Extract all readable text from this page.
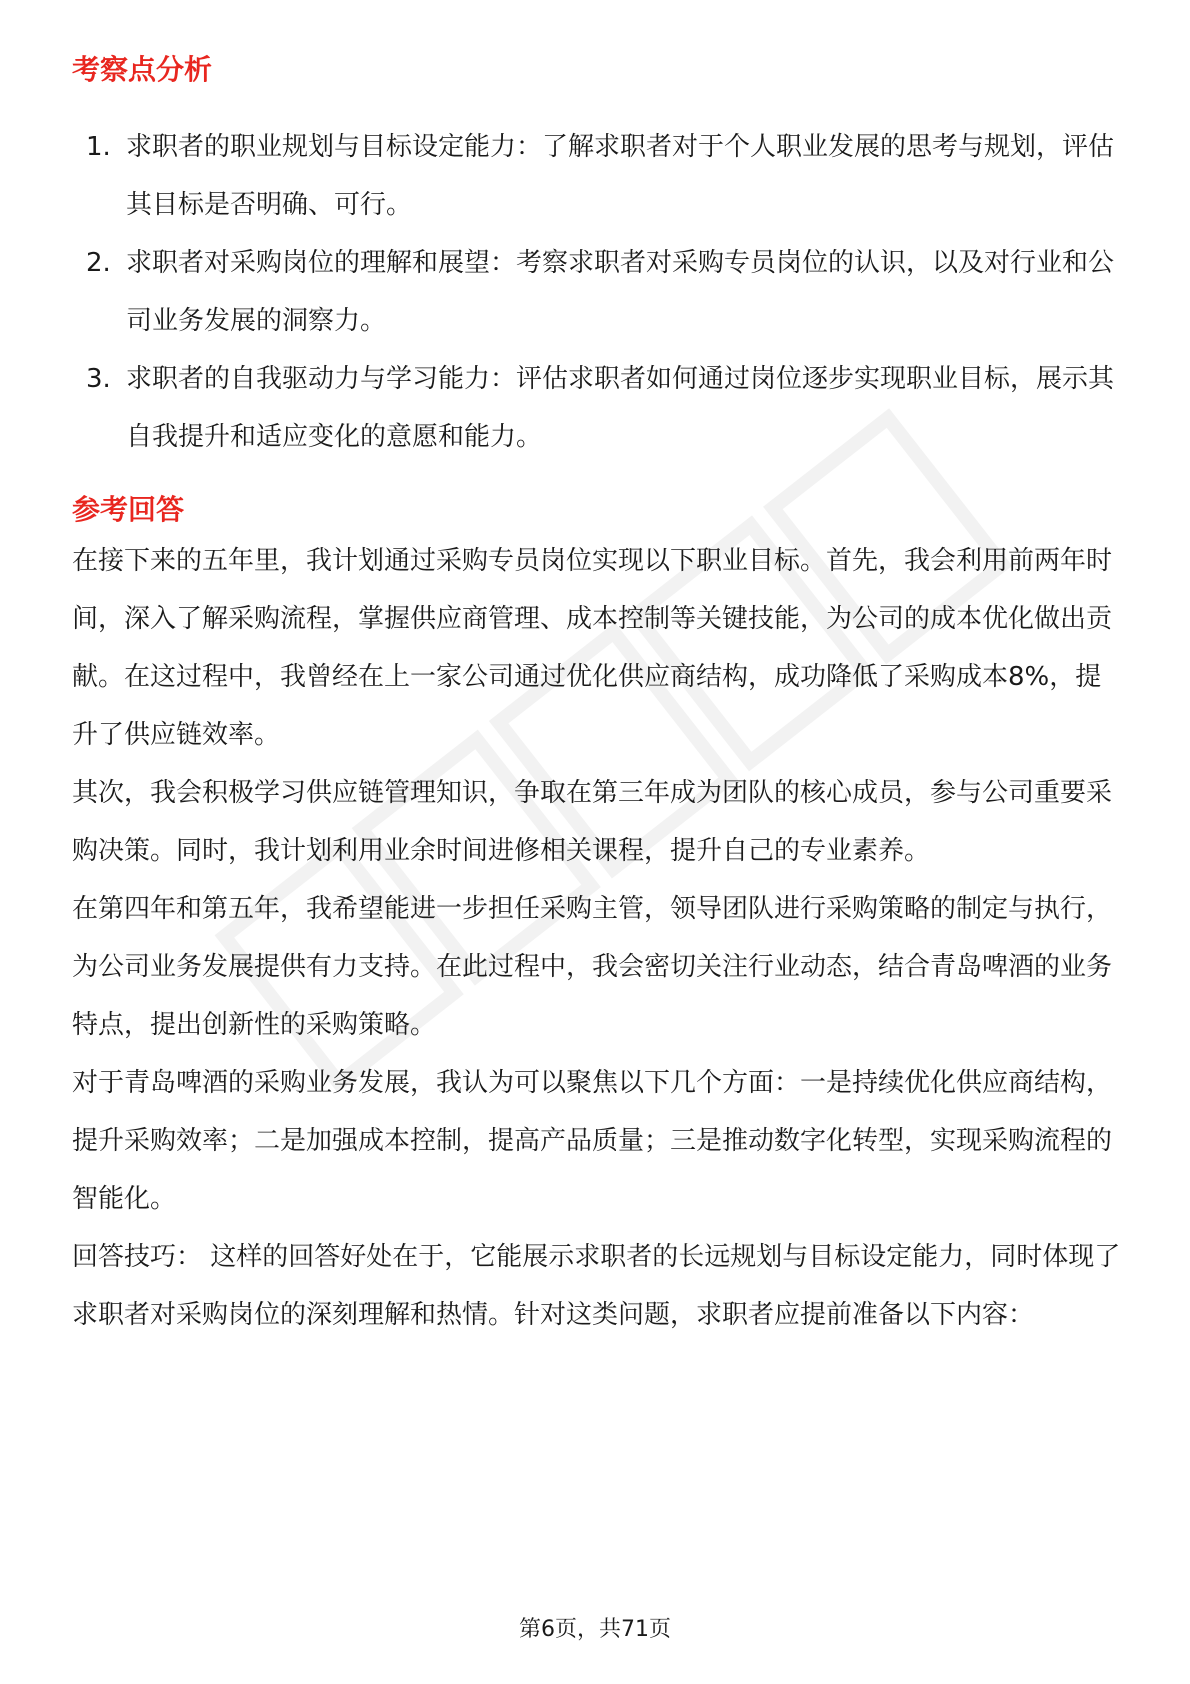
考察点分析
1. 求职者的职业规划与目标设定能力：了解求职者对于个人职业发展的思考与规划，评估其目标是否明确、可行。
2. 求职者对采购岗位的理解和展望：考察求职者对采购专员岗位的认识，以及对行业和公司业务发展的洞察力。
3. 求职者的自我驱动力与学习能力：评估求职者如何通过岗位逐步实现职业目标，展示其自我提升和适应变化的意愿和能力。
参考回答

在接下来的五年里，我计划通过采购专员岗位实现以下职业目标。首先，我会利用前两年时间，深入了解采购流程，掌握供应商管理、成本控制等关键技能，为公司的成本优化做出贡献。在这过程中，我曾经在上一家公司通过优化供应商结构，成功降低了采购成本8%，提升了供应链效率。

其次，我会积极学习供应链管理知识，争取在第三年成为团队的核心成员，参与公司重要采购决策。同时，我计划利用业余时间进修相关课程，提升自己的专业素养。

在第四年和第五年，我希望能进一步担任采购主管，领导团队进行采购策略的制定与执行，为公司业务发展提供有力支持。在此过程中，我会密切关注行业动态，结合青岛啤酒的业务特点，提出创新性的采购策略。

对于青岛啤酒的采购业务发展，我认为可以聚焦以下几个方面：一是持续优化供应商结构，提升采购效率；二是加强成本控制，提高产品质量；三是推动数字化转型，实现采购流程的智能化。

回答技巧： 这样的回答好处在于，它能展示求职者的长远规划与目标设定能力，同时体现了求职者对采购岗位的深刻理解和热情。针对这类问题，求职者应提前准备以下内容：

第6页，共71页
